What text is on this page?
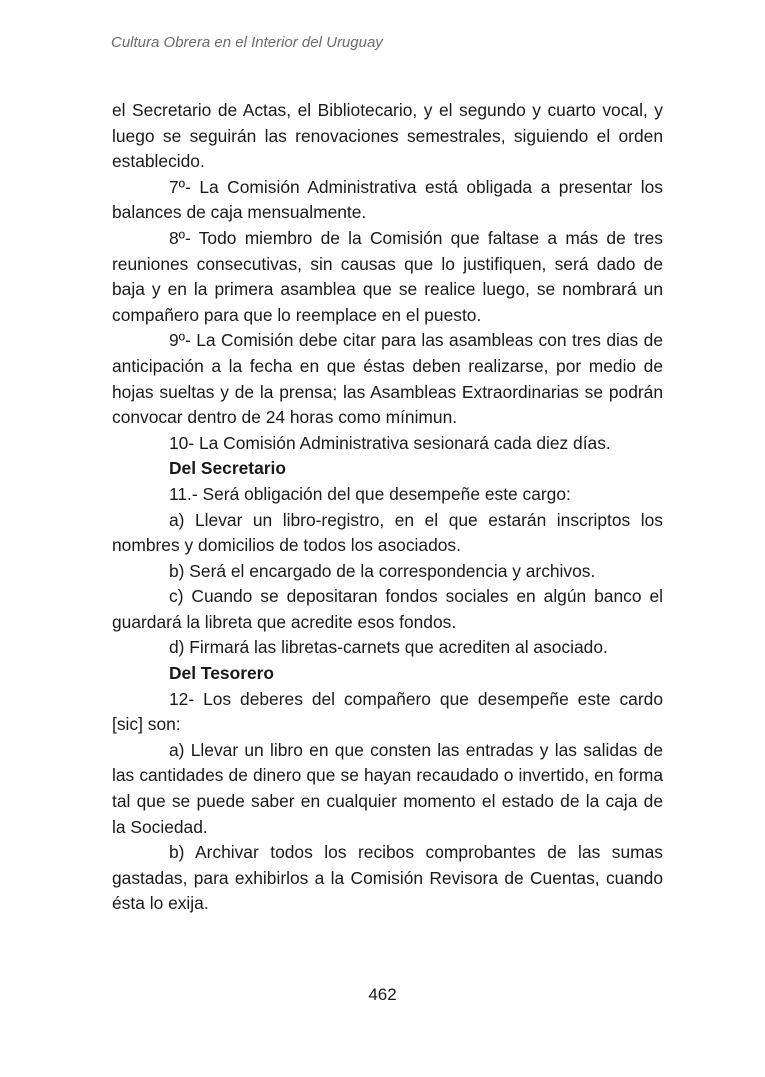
Cultura Obrera en el Interior del Uruguay

el Secretario de Actas, el Bibliotecario, y el segundo y cuarto vocal, y luego se seguirán las renovaciones semestrales, siguiendo el orden establecido.

7º- La Comisión Administrativa está obligada a presentar los balances de caja mensualmente.

8º- Todo miembro de la Comisión que faltase a más de tres reuniones consecutivas, sin causas que lo justifiquen, será dado de baja y en la primera asamblea que se realice luego, se nombrará un compañero para que lo reemplace en el puesto.

9º- La Comisión debe citar para las asambleas con tres dias de anticipación a la fecha en que éstas deben realizarse, por medio de hojas sueltas y de la prensa; las Asambleas Extraordinarias se podrán convocar dentro de 24 horas como mínimun.

10- La Comisión Administrativa sesionará cada diez días.

Del Secretario

11.- Será obligación del que desempeñe este cargo:

a) Llevar un libro-registro, en el que estarán inscriptos los nombres y domicilios de todos los asociados.

b) Será el encargado de la correspondencia y archivos.

c) Cuando se depositaran fondos sociales en algún banco el guardará la libreta que acredite esos fondos.

d) Firmará las libretas-carnets que acrediten al asociado.

Del Tesorero

12- Los deberes del compañero que desempeñe este cardo [sic] son:

a) Llevar un libro en que consten las entradas y las salidas de las cantidades de dinero que se hayan recaudado o invertido, en forma tal que se puede saber en cualquier momento el estado de la caja de la Sociedad.

b) Archivar todos los recibos comprobantes de las sumas gastadas, para exhibirlos a la Comisión Revisora de Cuentas, cuando ésta lo exija.

462
